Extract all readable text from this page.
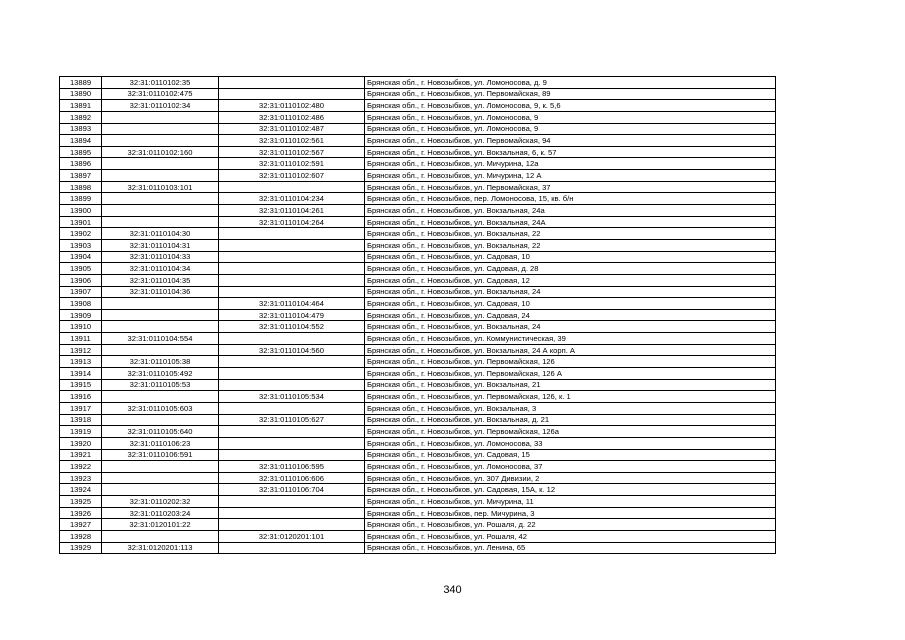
13889	32:31:0110102:35		Брянская обл., г. Новозыбков, ул. Ломоносова, д. 9
13890	32:31:0110102:475		Брянская обл., г. Новозыбков, ул. Первомайская, 89
13891	32:31:0110102:34	32:31:0110102:480	Брянская обл., г. Новозыбков, ул. Ломоносова, 9, к. 5,6
13892		32:31:0110102:486	Брянская обл., г. Новозыбков, ул. Ломоносова, 9
13893		32:31:0110102:487	Брянская обл., г. Новозыбков, ул. Ломоносова, 9
13894		32:31:0110102:561	Брянская обл., г. Новозыбков, ул. Первомайская, 94
13895	32:31:0110102:160	32:31:0110102:567	Брянская обл., г. Новозыбков, ул. Вокзальная, 6, к. 57
13896		32:31:0110102:591	Брянская обл., г. Новозыбков, ул. Мичурина, 12а
13897		32:31:0110102:607	Брянская обл., г. Новозыбков, ул. Мичурина, 12 А
13898	32:31:0110103:101		Брянская обл., г. Новозыбков, ул. Первомайская, 37
13899		32:31:0110104:234	Брянская обл., г. Новозыбков, пер. Ломоносова, 15, кв. б/н
13900		32:31:0110104:261	Брянская обл., г. Новозыбков, ул. Вокзальная, 24а
13901		32:31:0110104:264	Брянская обл., г. Новозыбков, ул. Вокзальная, 24А
13902	32:31:0110104:30		Брянская обл., г. Новозыбков, ул. Вокзальная, 22
13903	32:31:0110104:31		Брянская обл., г. Новозыбков, ул. Вокзальная, 22
13904	32:31:0110104:33		Брянская обл., г. Новозыбков, ул. Садовая, 10
13905	32:31:0110104:34		Брянская обл., г. Новозыбков, ул. Садовая, д. 28
13906	32:31:0110104:35		Брянская обл., г. Новозыбков, ул. Садовая, 12
13907	32:31:0110104:36		Брянская обл., г. Новозыбков, ул. Вокзальная, 24
13908		32:31:0110104:464	Брянская обл., г. Новозыбков, ул. Садовая, 10
13909		32:31:0110104:479	Брянская обл., г. Новозыбков, ул. Садовая, 24
13910		32:31:0110104:552	Брянская обл., г. Новозыбков, ул. Вокзальная, 24
13911	32:31:0110104:554		Брянская обл., г. Новозыбков, ул. Коммунистическая, 39
13912		32:31:0110104:560	Брянская обл., г. Новозыбков, ул. Вокзальная, 24 А корп. А
13913	32:31:0110105:38		Брянская обл., г. Новозыбков, ул. Первомайская, 126
13914	32:31:0110105:492		Брянская обл., г. Новозыбков, ул. Первомайская, 126 А
13915	32:31:0110105:53		Брянская обл., г. Новозыбков, ул. Вокзальная, 21
13916		32:31:0110105:534	Брянская обл., г. Новозыбков, ул. Первомайская, 126, к. 1
13917	32:31:0110105:603		Брянская обл., г. Новозыбков, ул. Вокзальная, 3
13918		32:31:0110105:627	Брянская обл., г. Новозыбков, ул. Вокзальная, д. 21
13919	32:31:0110105:640		Брянская обл., г. Новозыбков, ул. Первомайская, 126а
13920	32:31:0110106:23		Брянская обл., г. Новозыбков, ул. Ломоносова, 33
13921	32:31:0110106:591		Брянская обл., г. Новозыбков, ул. Садовая, 15
13922		32:31:0110106:595	Брянская обл., г. Новозыбков, ул. Ломоносова, 37
13923		32:31:0110106:606	Брянская обл., г. Новозыбков, ул. 307 Дивизии, 2
13924		32:31:0110106:704	Брянская обл., г. Новозыбков, ул. Садовая, 15А, к. 12
13925	32:31:0110202:32		Брянская обл., г. Новозыбков, ул. Мичурина, 11
13926	32:31:0110203:24		Брянская обл., г. Новозыбков, пер. Мичурина, 3
13927	32:31:0120101:22		Брянская обл., г. Новозыбков, ул. Рошаля, д. 22
13928		32:31:0120201:101	Брянская обл., г. Новозыбков, ул. Рошаля, 42
13929	32:31:0120201:113		Брянская обл., г. Новозыбков, ул. Ленина, 65
340
